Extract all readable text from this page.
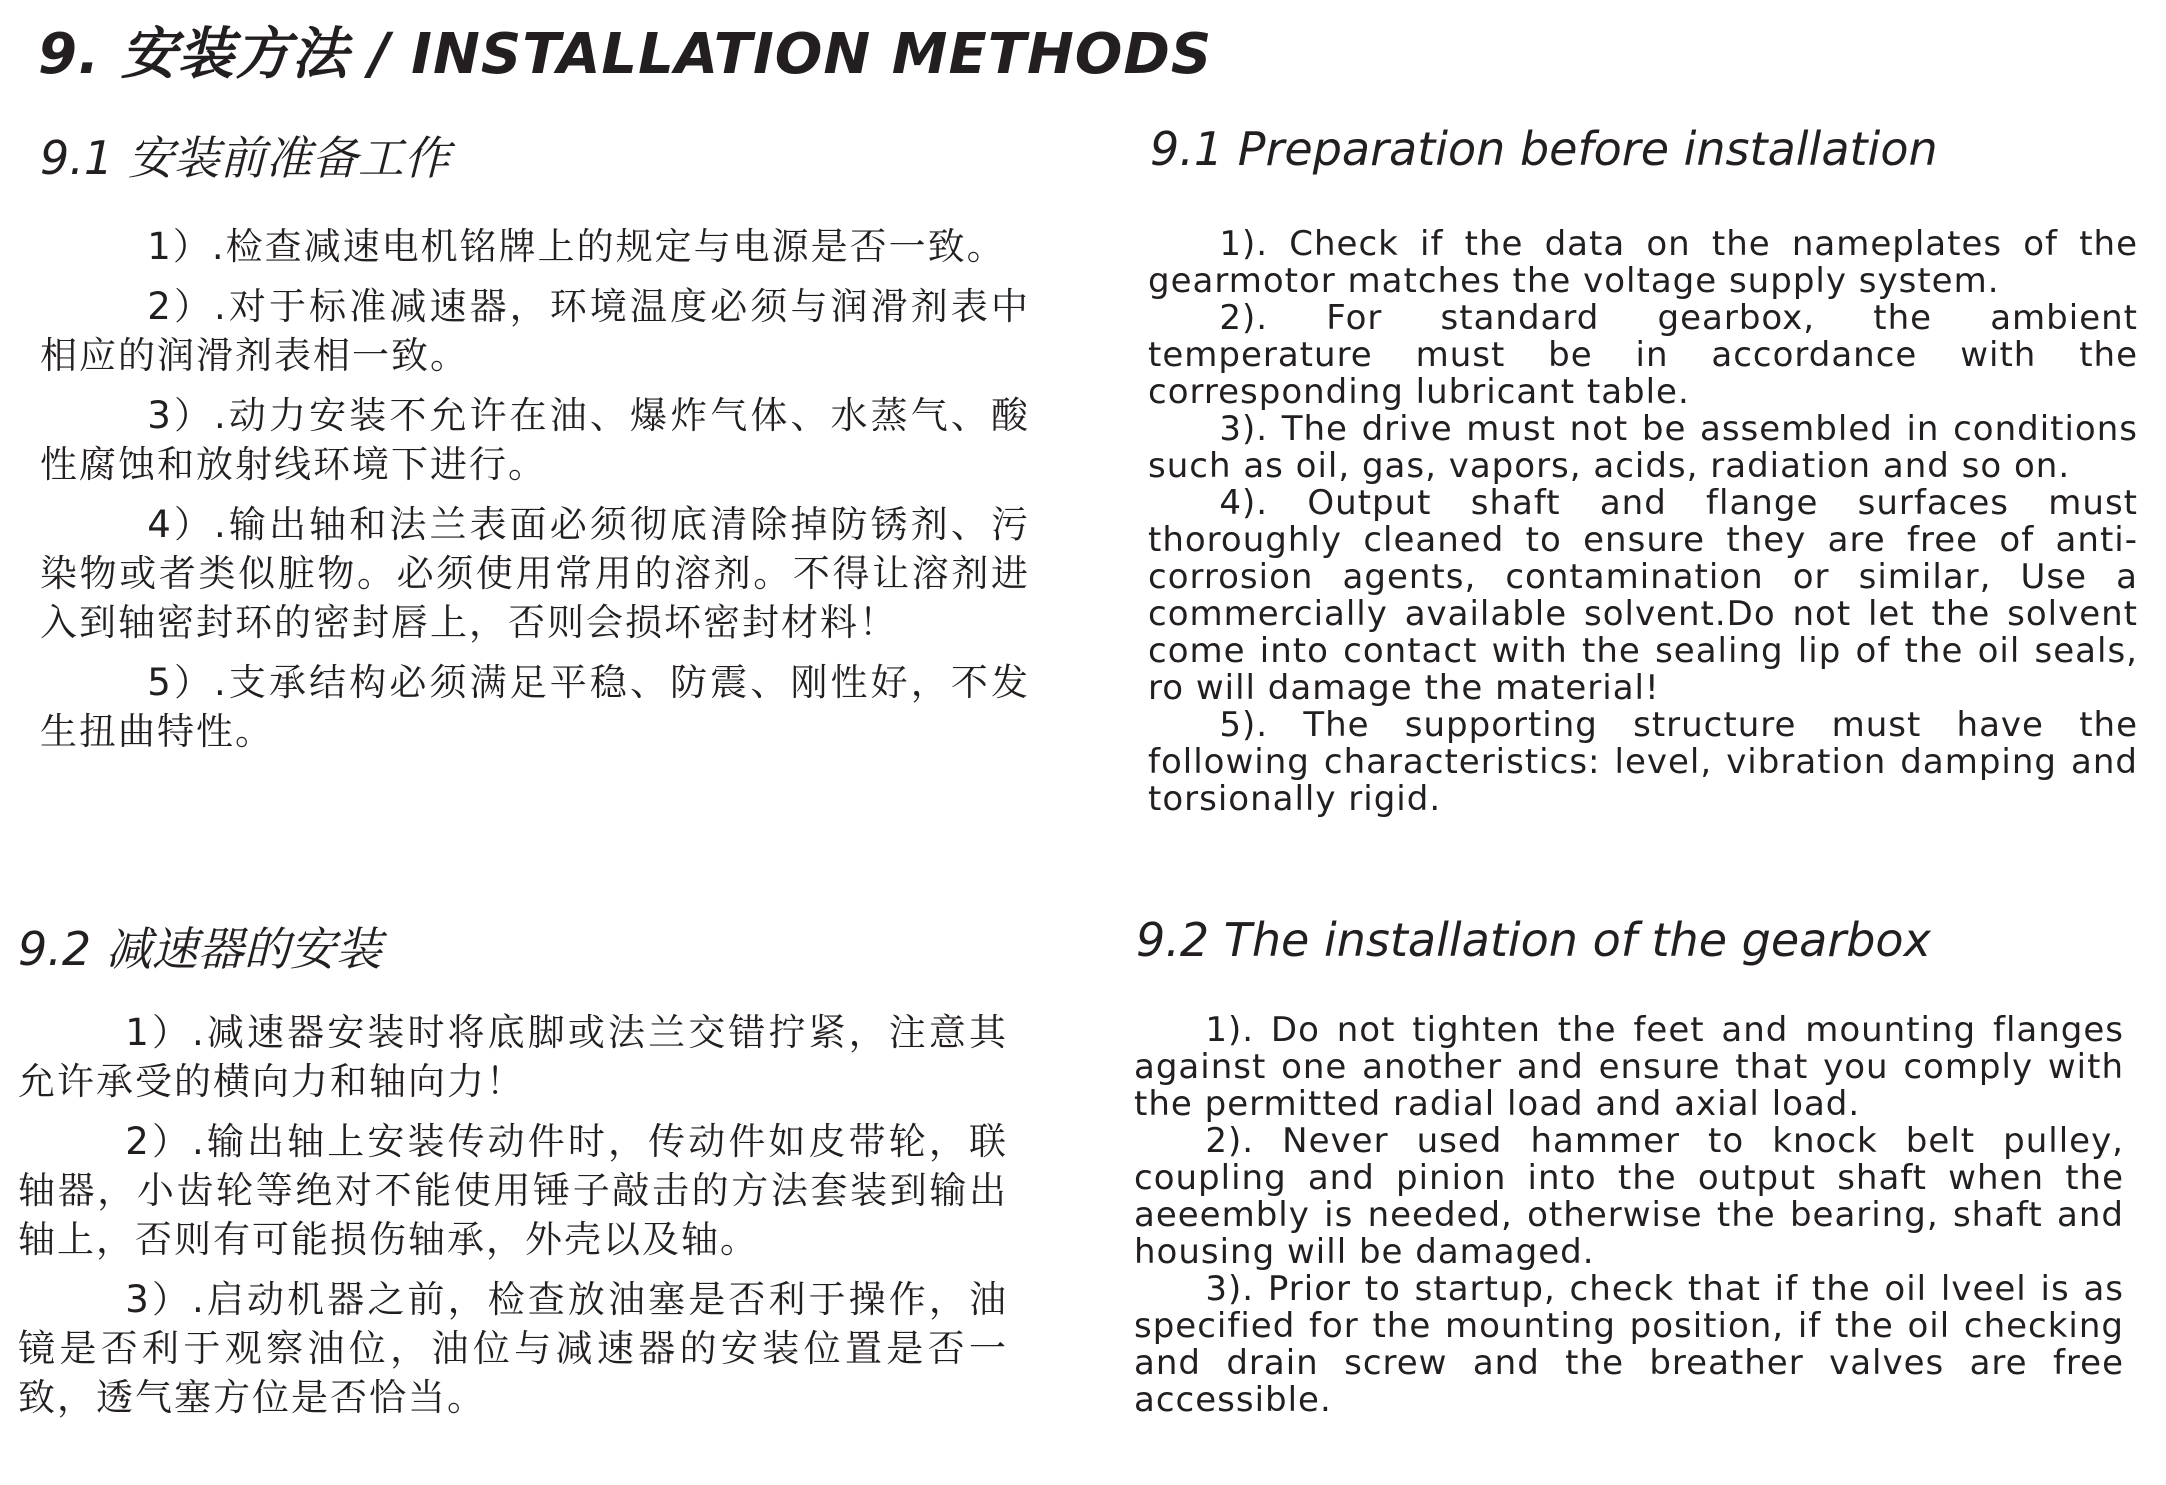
9. 安装方法 / INSTALLATION METHODS
9.1 安装前准备工作	9.1 Preparation before installation

1）.检查减速电机铭牌上的规定与电源是否一致。

2）.对于标准减速器，环境温度必须与润滑剂表中相应的润滑剂表相一致。

3）.动力安装不允许在油、爆炸气体、水蒸气、酸性腐蚀和放射线环境下进行。

4）.输出轴和法兰表面必须彻底清除掉防锈剂、污染物或者类似脏物。必须使用常用的溶剂。不得让溶剂进入到轴密封环的密封唇上，否则会损坏密封材料！

5）.支承结构必须满足平稳、防震、刚性好，不发生扭曲特性。

1). Check if the data on the nameplates of the gearmotor matches the voltage supply system.

2). For standard gearbox, the ambient temperature must be in accordance with the corresponding lubricant table.

3). The drive must not be assembled in conditions such as oil, gas, vapors, acids, radiation and so on.

4). Output shaft and flange surfaces must thoroughly cleaned to ensure they are free of anti-corrosion agents, contamination or similar, Use a commercially available solvent.Do not let the solvent come into contact with the sealing lip of the oil seals, ro will damage the material!

5). The supporting structure must have the following characteristics: level, vibration damping and torsionally rigid.

9.2 减速器的安装	9.2 The installation of the gearbox

1）.减速器安装时将底脚或法兰交错拧紧，注意其允许承受的横向力和轴向力！

2）.输出轴上安装传动件时，传动件如皮带轮，联轴器，小齿轮等绝对不能使用锤子敲击的方法套装到输出轴上，否则有可能损伤轴承，外壳以及轴。

3）.启动机器之前，检查放油塞是否利于操作，油镜是否利于观察油位，油位与减速器的安装位置是否一致，透气塞方位是否恰当。

1). Do not tighten the feet and mounting flanges against one another and ensure that you comply with the permitted radial load and axial load.

2). Never used hammer to knock belt pulley, coupling and pinion into the output shaft when the aeeembly is needed, otherwise the bearing, shaft and housing will be damaged.

3). Prior to startup, check that if the oil lveel is as specified for the mounting position, if the oil checking and drain screw and the breather valves are free accessible.
